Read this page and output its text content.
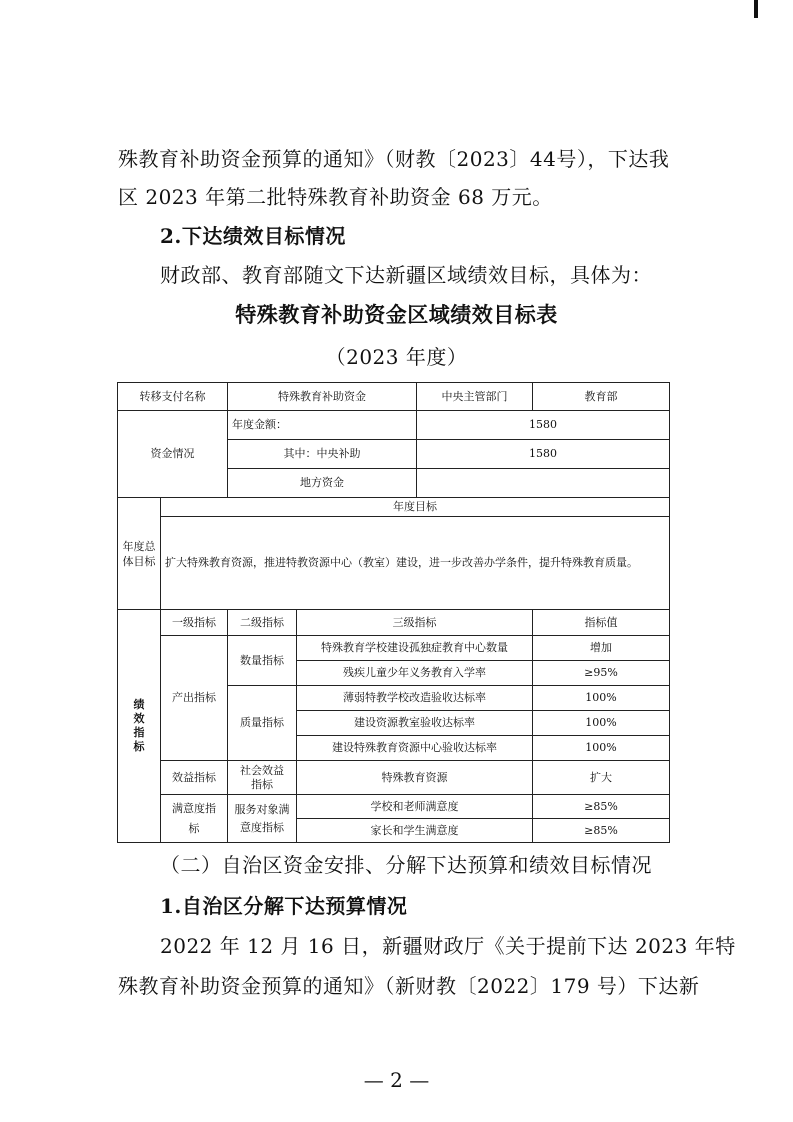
殊教育补助资金预算的通知》（财教〔2023〕44号），下达我
区 2023 年第二批特殊教育补助资金 68 万元。
2.下达绩效目标情况
财政部、教育部随文下达新疆区域绩效目标，具体为：
特殊教育补助资金区域绩效目标表
（2023 年度）
转移支付名称		特殊教育补助资金		中央主管部门	教育部
资金情况		年度金额：		1580	
		其中：中央补助		1580	
		地方资金			
年度总体目标	年度目标				
	扩大特殊教育资源，推进特教资源中心（教室）建设，进一步改善办学条件，提升特殊教育质量。				
绩效指标	一级指标	二级指标	三级指标		指标值
	产出指标	数量指标	特殊教育学校建设孤独症教育中心数量		增加
			残疾儿童少年义务教育入学率		≥95%
		质量指标	薄弱特教学校改造验收达标率		100%
			建设资源教室验收达标率		100%
			建设特殊教育资源中心验收达标率		100%
	效益指标	社会效益指标	特殊教育资源		扩大
	满意度指标	服务对象满意度指标	学校和老师满意度		≥85%
			家长和学生满意度		≥85%
（二）自治区资金安排、分解下达预算和绩效目标情况
1.自治区分解下达预算情况
2022 年 12 月 16 日，新疆财政厅《关于提前下达 2023 年特
殊教育补助资金预算的通知》（新财教〔2022〕179 号）下达新
— 2 —
